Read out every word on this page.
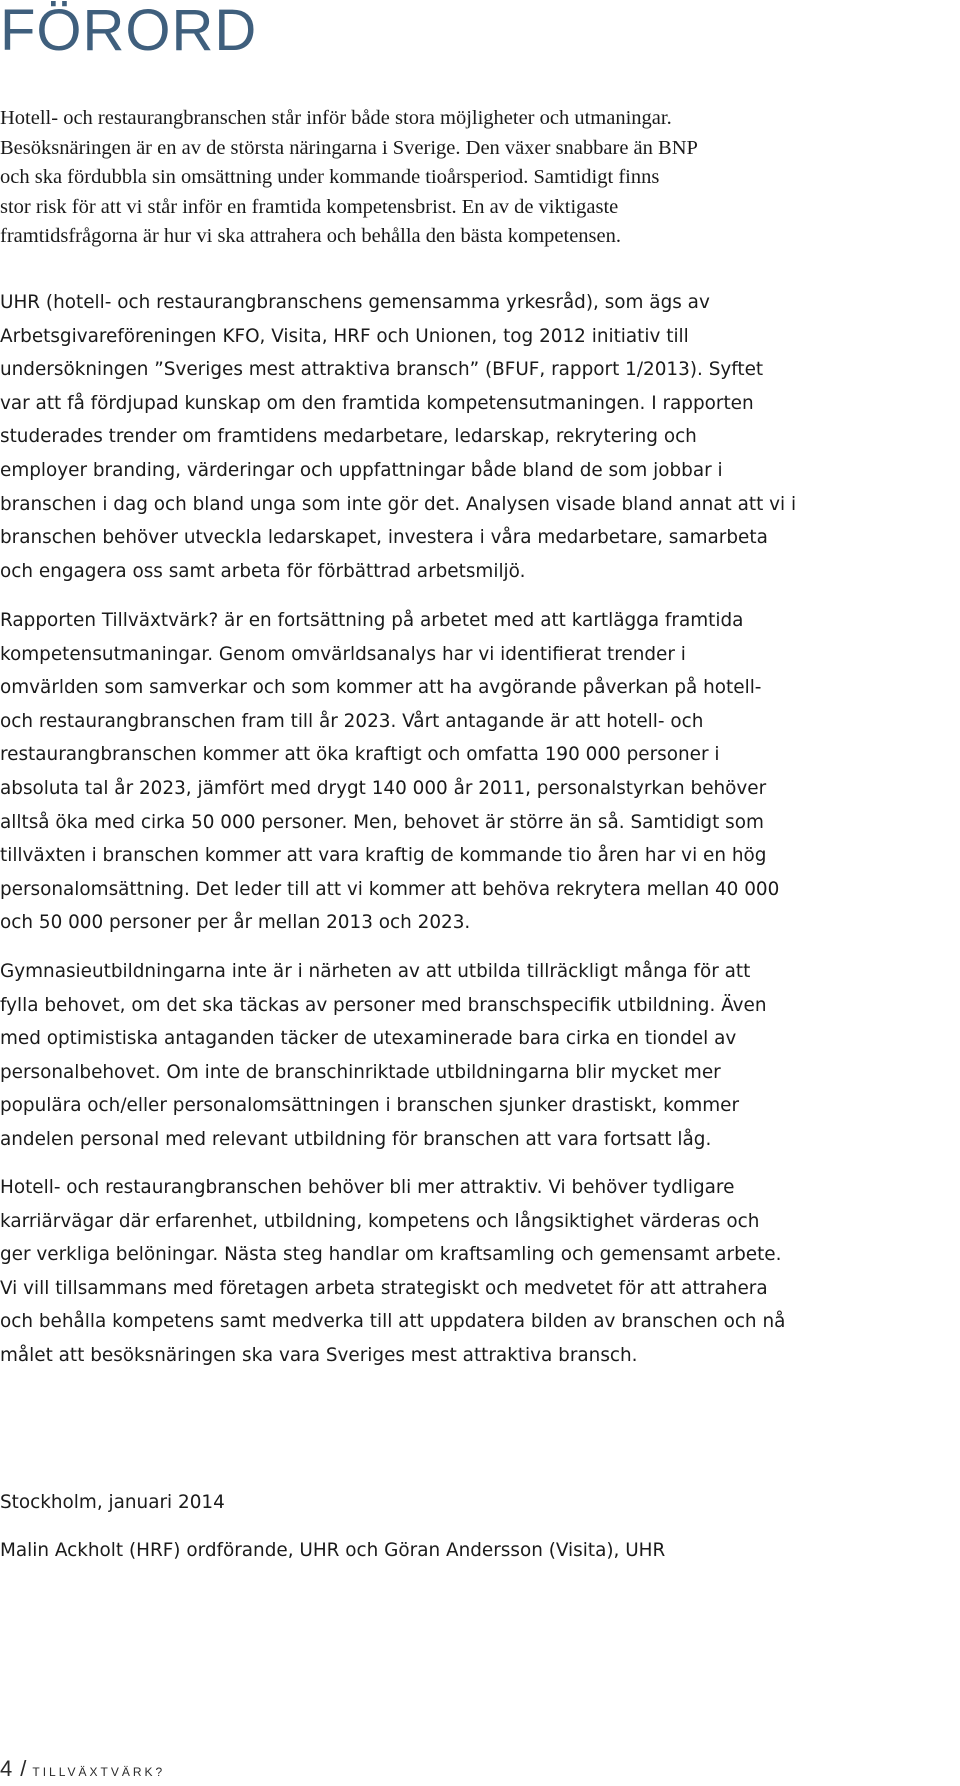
FÖRORD

Hotell- och restaurangbranschen står inför både stora möjligheter och utmaningar.
Besöksnäringen är en av de största näringarna i Sverige. Den växer snabbare än BNP
och ska fördubbla sin omsättning under kommande tioårsperiod. Samtidigt finns
stor risk för att vi står inför en framtida kompetensbrist. En av de viktigaste
framtidsfrågorna är hur vi ska attrahera och behålla den bästa kompetensen.

UHR (hotell- och restaurangbranschens gemensamma yrkesråd), som ägs av
Arbetsgivareföreningen KFO, Visita, HRF och Unionen, tog 2012 initiativ till
undersökningen ”Sveriges mest attraktiva bransch” (BFUF, rapport 1/2013). Syftet
var att få fördjupad kunskap om den framtida kompetensutmaningen. I rapporten
studerades trender om framtidens medarbetare, ledarskap, rekrytering och
employer branding, värderingar och uppfattningar både bland de som jobbar i
branschen i dag och bland unga som inte gör det. Analysen visade bland annat att vi i
branschen behöver utveckla ledarskapet, investera i våra medarbetare, samarbeta
och engagera oss samt arbeta för förbättrad arbetsmiljö.

Rapporten Tillväxtvärk? är en fortsättning på arbetet med att kartlägga framtida
kompetensutmaningar. Genom omvärldsanalys har vi identifierat trender i
omvärlden som samverkar och som kommer att ha avgörande påverkan på hotell-
och restaurangbranschen fram till år 2023. Vårt antagande är att hotell- och
restaurangbranschen kommer att öka kraftigt och omfatta 190 000 personer i
absoluta tal år 2023, jämfört med drygt 140 000 år 2011, personalstyrkan behöver
alltså öka med cirka 50 000 personer. Men, behovet är större än så. Samtidigt som
tillväxten i branschen kommer att vara kraftig de kommande tio åren har vi en hög
personalomsättning. Det leder till att vi kommer att behöva rekrytera mellan 40 000
och 50 000 personer per år mellan 2013 och 2023.

Gymnasieutbildningarna inte är i närheten av att utbilda tillräckligt många för att
fylla behovet, om det ska täckas av personer med branschspecifik utbildning. Även
med optimistiska antaganden täcker de utexaminerade bara cirka en tiondel av
personalbehovet. Om inte de branschinriktade utbildningarna blir mycket mer
populära och/eller personalomsättningen i branschen sjunker drastiskt, kommer
andelen personal med relevant utbildning för branschen att vara fortsatt låg.

Hotell- och restaurangbranschen behöver bli mer attraktiv. Vi behöver tydligare
karriärvägar där erfarenhet, utbildning, kompetens och långsiktighet värderas och
ger verkliga belöningar. Nästa steg handlar om kraftsamling och gemensamt arbete.
Vi vill tillsammans med företagen arbeta strategiskt och medvetet för att attrahera
och behålla kompetens samt medverka till att uppdatera bilden av branschen och nå
målet att besöksnäringen ska vara Sveriges mest attraktiva bransch.

Stockholm, januari 2014

Malin Ackholt (HRF) ordförande, UHR och Göran Andersson (Visita), UHR

4 / TILLVÄXTVÄRK?
